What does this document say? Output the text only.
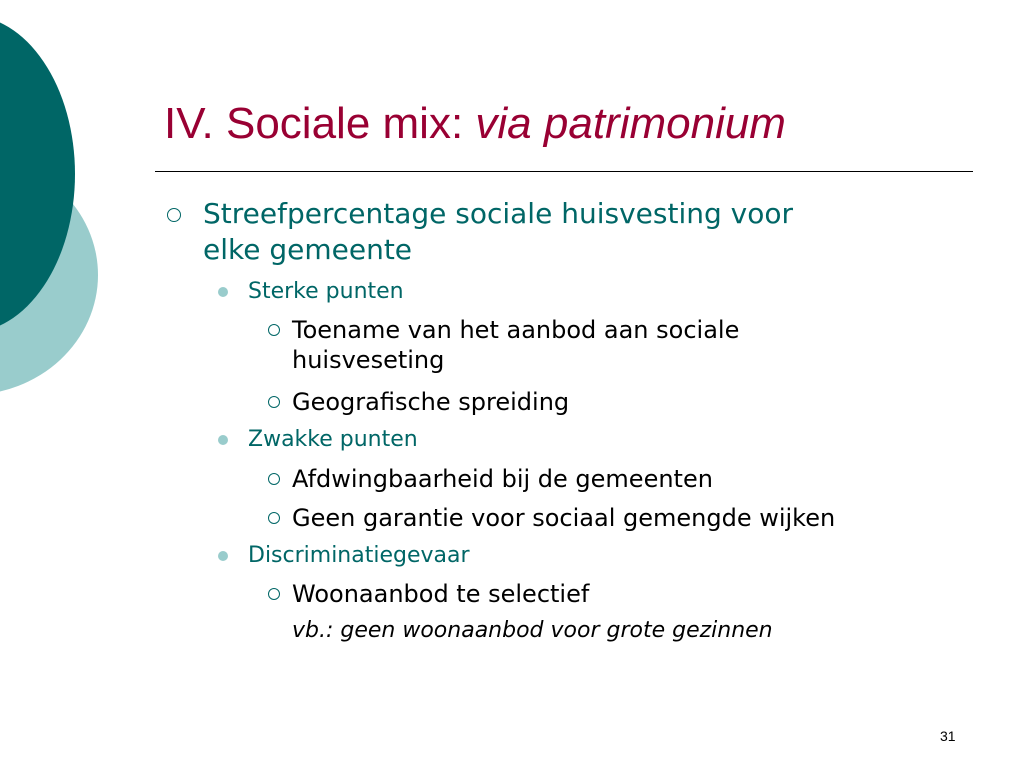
IV. Sociale mix: via patrimonium
Streefpercentage sociale huisvesting voor
elke gemeente
Sterke punten
Toename van het aanbod aan sociale
huisveseting
Geografische spreiding
Zwakke punten
Afdwingbaarheid bij de gemeenten
Geen garantie voor sociaal gemengde wijken
Discriminatiegevaar
Woonaanbod te selectief
vb.: geen woonaanbod voor grote gezinnen
31
